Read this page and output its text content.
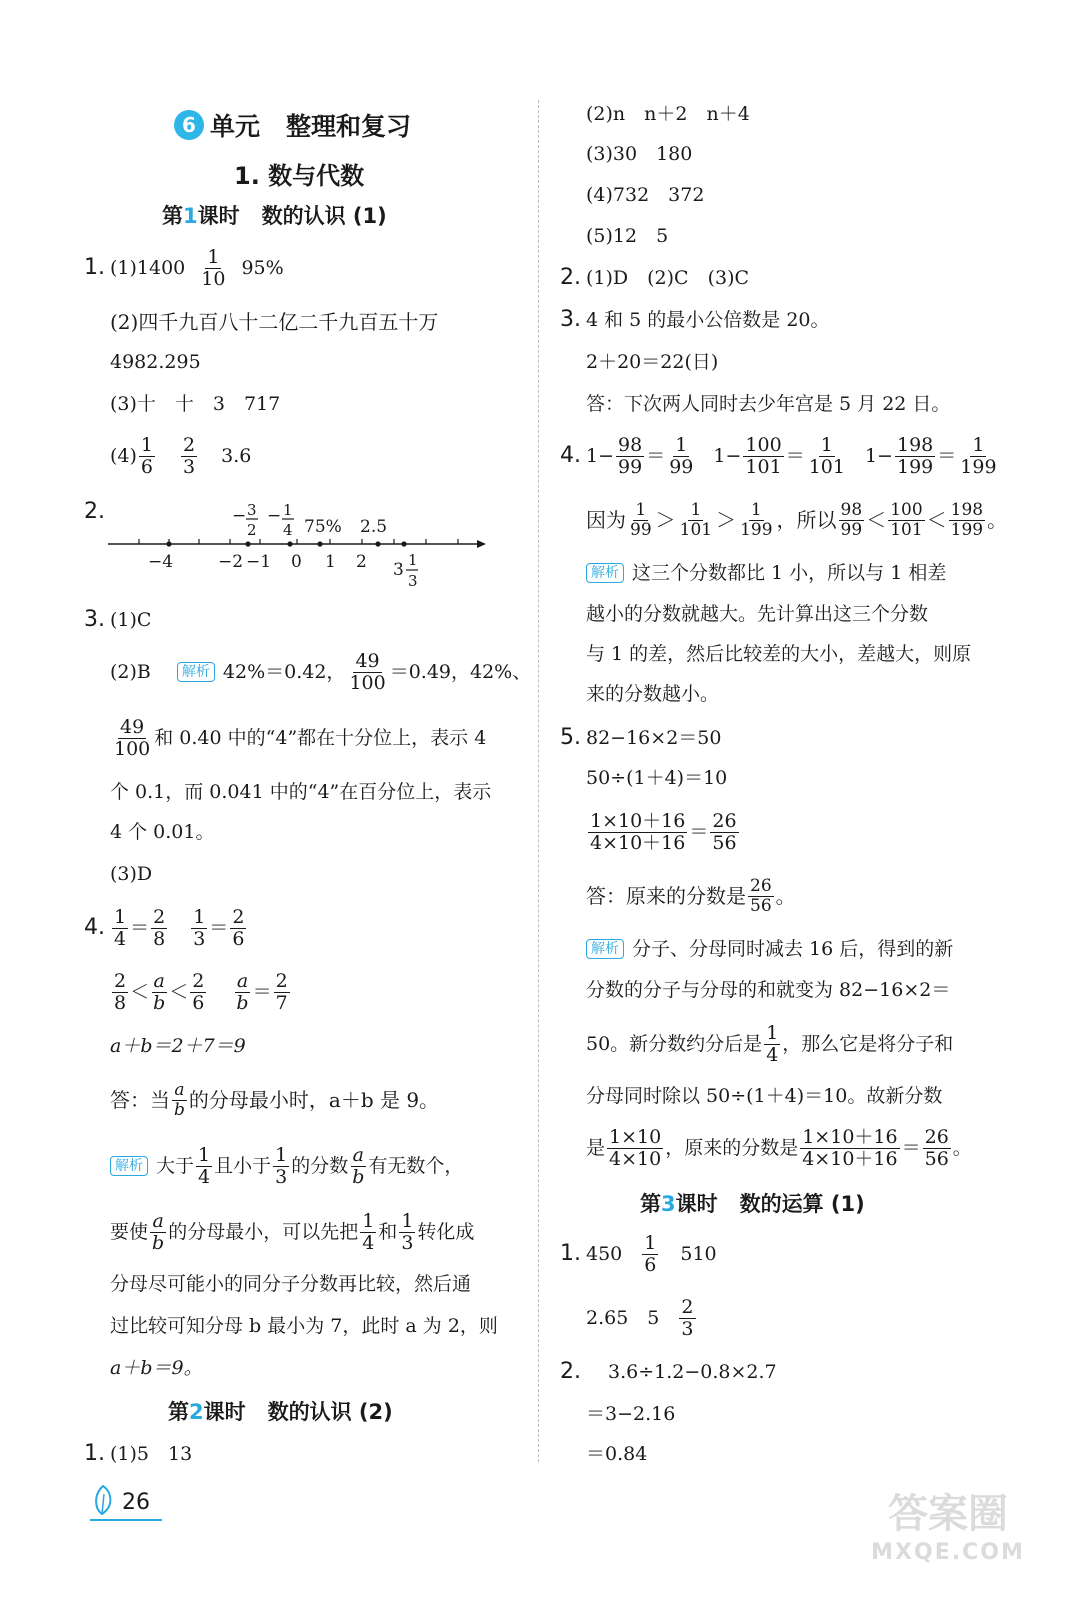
6 单元 整理和复习
1. 数与代数
第1课时 数的认识 (1)
1. $(1)1400 \frac{1}{10} 95\%$
(2)四千九百八十二亿二千九百五十万
4982.295
(3)十　十　3　717
$(4) \frac{1}{6} \frac{2}{3} 3.6$
2.	− 3
2
− 1
4 75% 2.5
−4	−2 −1 0 1 2 3 1
3
3. (1)C
(2)B	解析 42%＝0.42， $\frac{49}{100} =0.49$，42%、
$\frac{49}{100}$ 和 0.40 中的“4”都在十分位上，表示 4
个 0.1，而 0.041 中的“4”在百分位上，表示
4 个 0.01。
(3)D
4. $\frac{1}{4} = \frac{2}{8} \frac{1}{3} = \frac{2}{6}$
$\frac{2}{8} < \frac{a}{b} < \frac{2}{6} \frac{a}{b} = \frac{2}{7}$
a＋b＝2＋7＝9
答：当 $\frac{a}{b}$ 的分母最小时，a＋b 是 9。
解析 大于 $\frac{1}{4}$ 且小于 $\frac{1}{3}$ 的分数 $\frac{a}{b}$ 有无数个，
要使 $\frac{a}{b}$ 的分母最小，可以先把 $\frac{1}{4}$ 和 $\frac{1}{3}$ 转化成
分母尽可能小的同分子分数再比较，然后通
过比较可知分母 b 最小为 7，此时 a 为 2，则
a＋b＝9。
第2课时 数的认识 (2)
1. (1)5　13
(2)n　n＋2　n＋4
(3)30　180
(4)732　372
(5)12　5
2. (1)D　(2)C　(3)C
3. 4 和 5 的最小公倍数是 20。
2＋20＝22(日)
答：下次两人同时去少年宫是 5 月 22 日。
4. $1- \frac{98}{99} = \frac{1}{99} 1- \frac{100}{101} = \frac{1}{101} 1- \frac{198}{199} = \frac{1}{199}$
因为 $\frac{1}{99} > \frac{1}{101} > \frac{1}{199}$ ，所以 $\frac{98}{99} < \frac{100}{101} < \frac{198}{199}$ 。
解析 这三个分数都比 1 小，所以与 1 相差
越小的分数就越大。先计算出这三个分数
与 1 的差，然后比较差的大小，差越大，则原
来的分数越小。
5. 82−16×2＝50
50÷(1＋4)＝10
$\frac{1\times 10+16}{4\times 10+16} = \frac{26}{56}$
答：原来的分数是 $\frac{26}{56}$ 。
解析 分子、分母同时减去 16 后，得到的新
分数的分子与分母的和就变为 82−16×2＝
50。新分数约分后是 $\frac{1}{4}$ ，那么它是将分子和
分母同时除以 50÷(1＋4)＝10。故新分数
是 $\frac{1\times 10}{4\times 10}$ ，原来的分数是 $\frac{1\times 10+16}{4\times 10+16} = \frac{26}{56}$ 。
第3课时 数的运算 (1)
1. $450 \frac{1}{6} 510$
2.65　$5 \frac{2}{3}$
2. 3.6÷1.2−0.8×2.7
＝3−2.16
＝0.84
26	答案圈
MXQE.COM
